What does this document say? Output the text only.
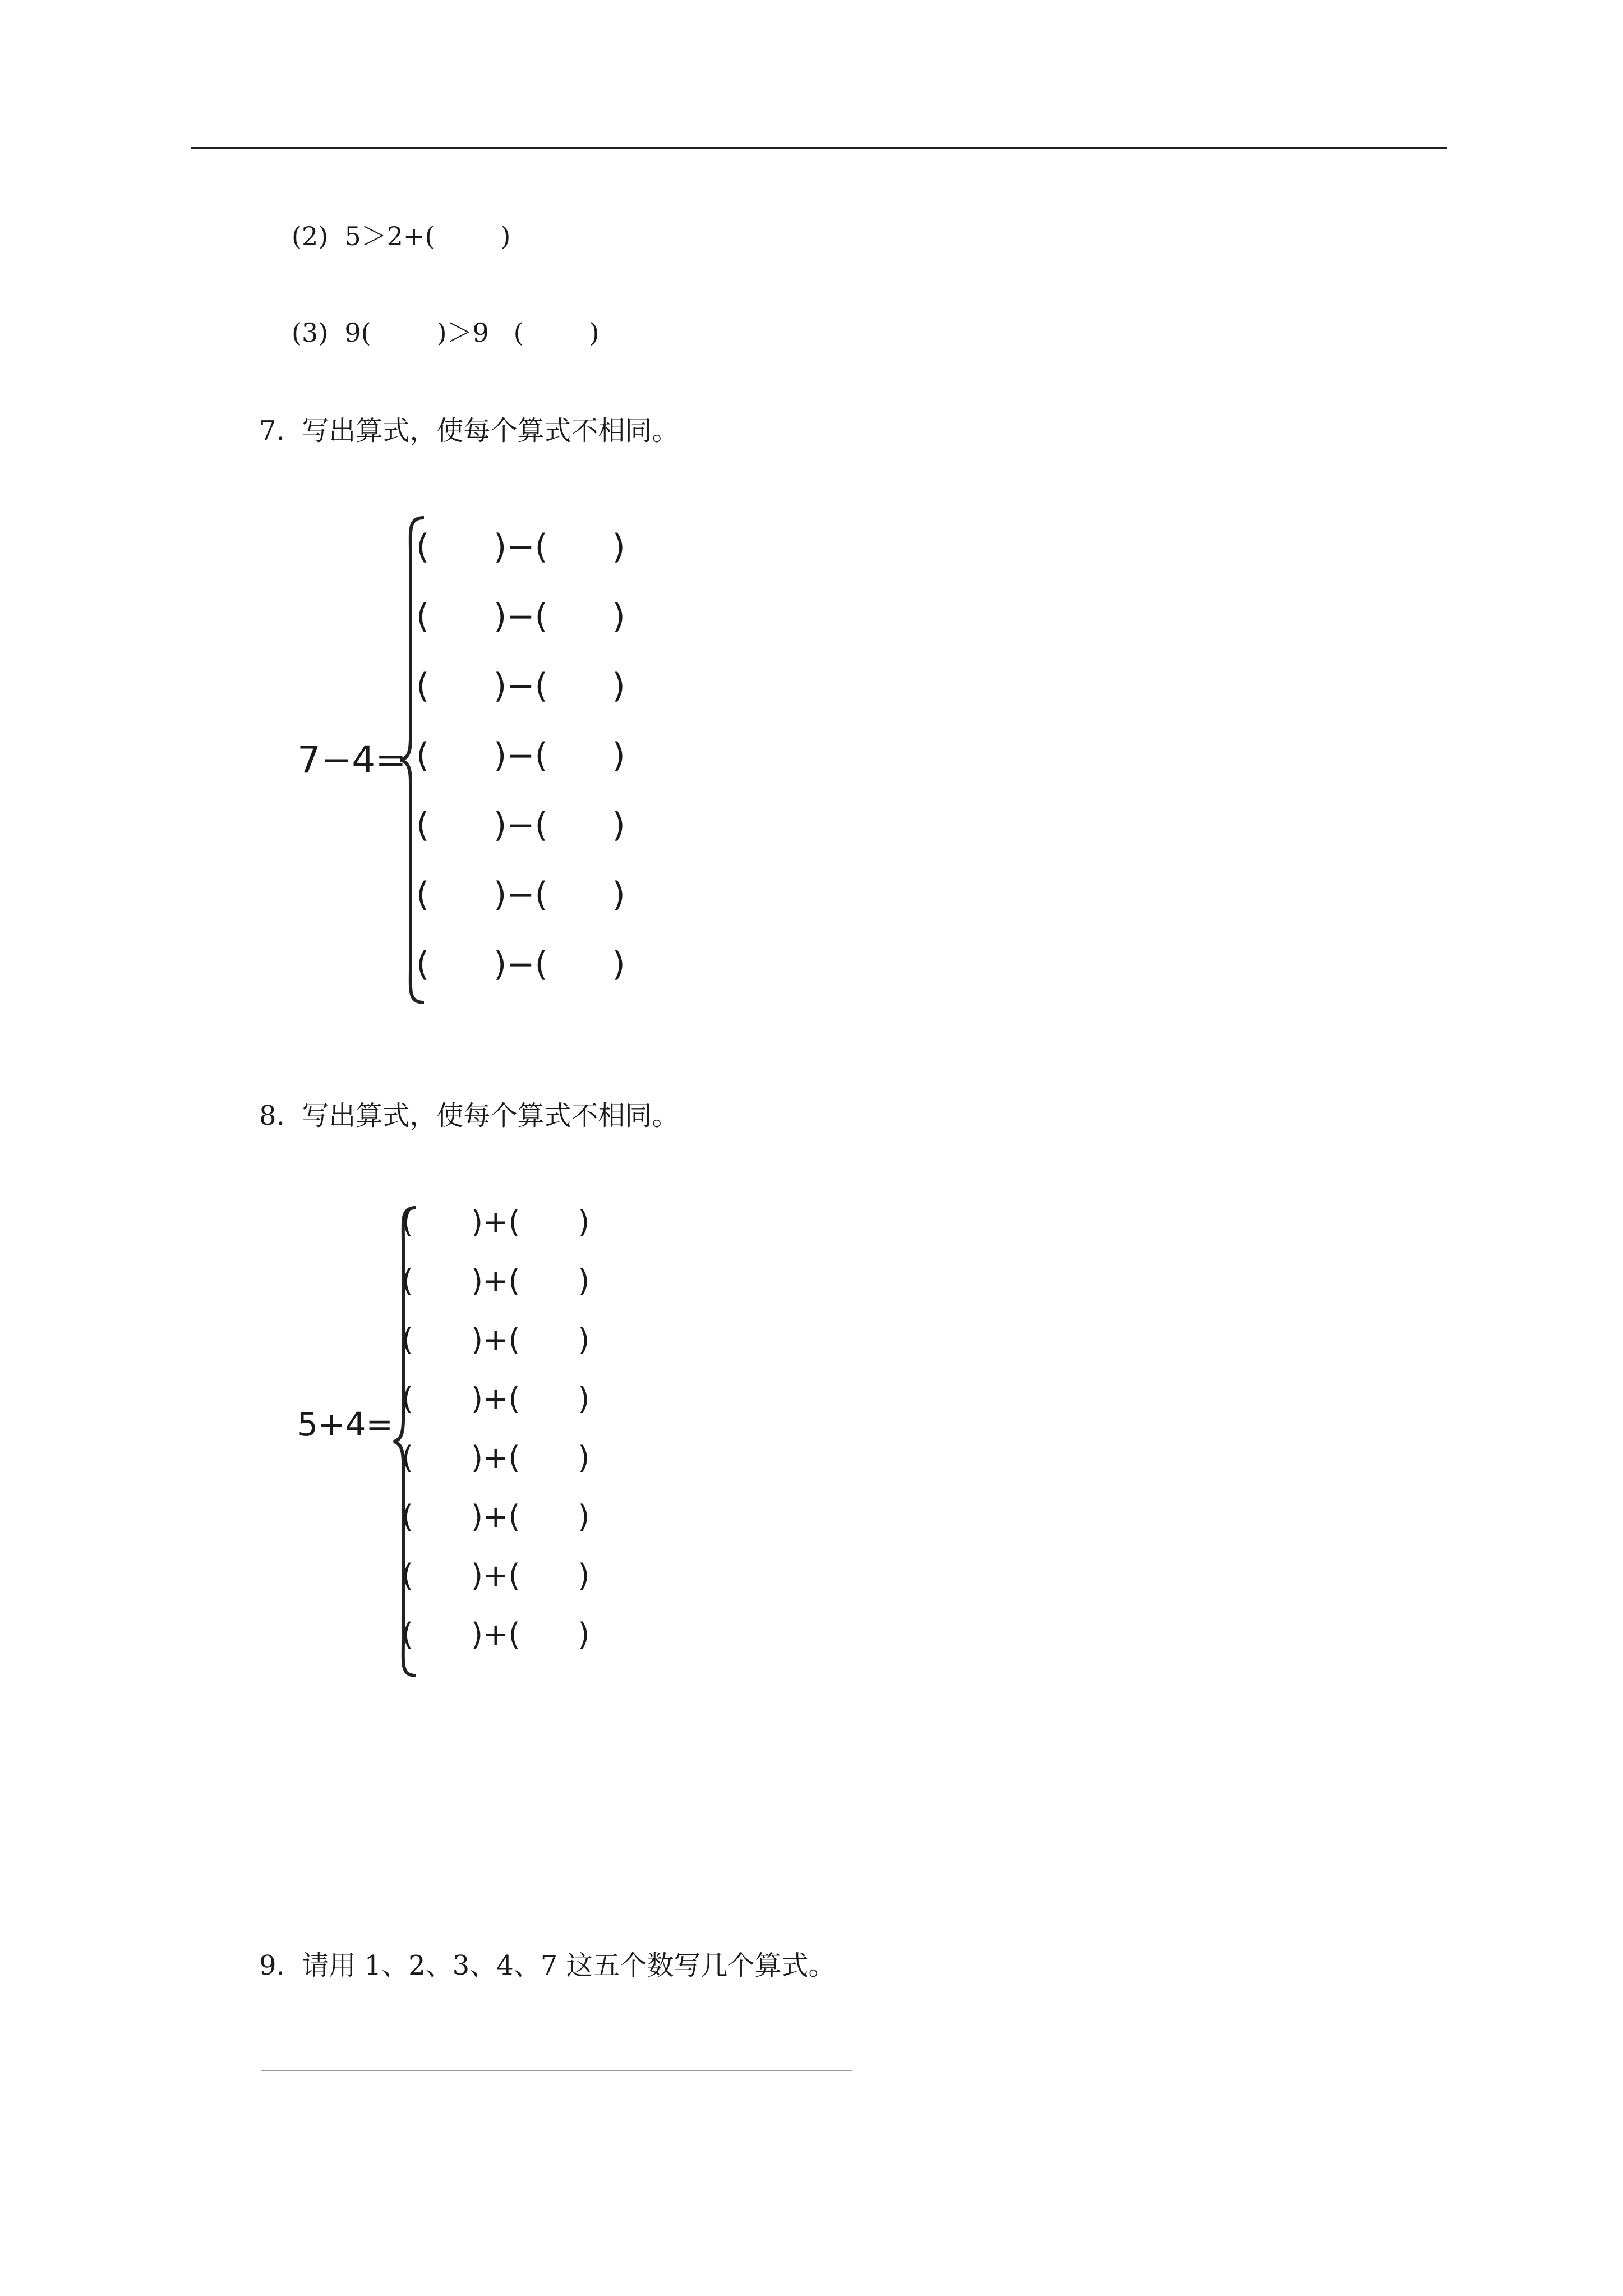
(2)  5＞2+(        )
(3)  9(        )＞9   (        )
7.  写出算式，使每个算式不相同。
7−4=
(      )−(      )
(      )−(      )
(      )−(      )
(      )−(      )
(      )−(      )
(      )−(      )
(      )−(      )
8.  写出算式，使每个算式不相同。
5+4=
(      )+(      )
(      )+(      )
(      )+(      )
(      )+(      )
(      )+(      )
(      )+(      )
(      )+(      )
(      )+(      )
9.  请用 1、2、3、4、7 这五个数写几个算式。
